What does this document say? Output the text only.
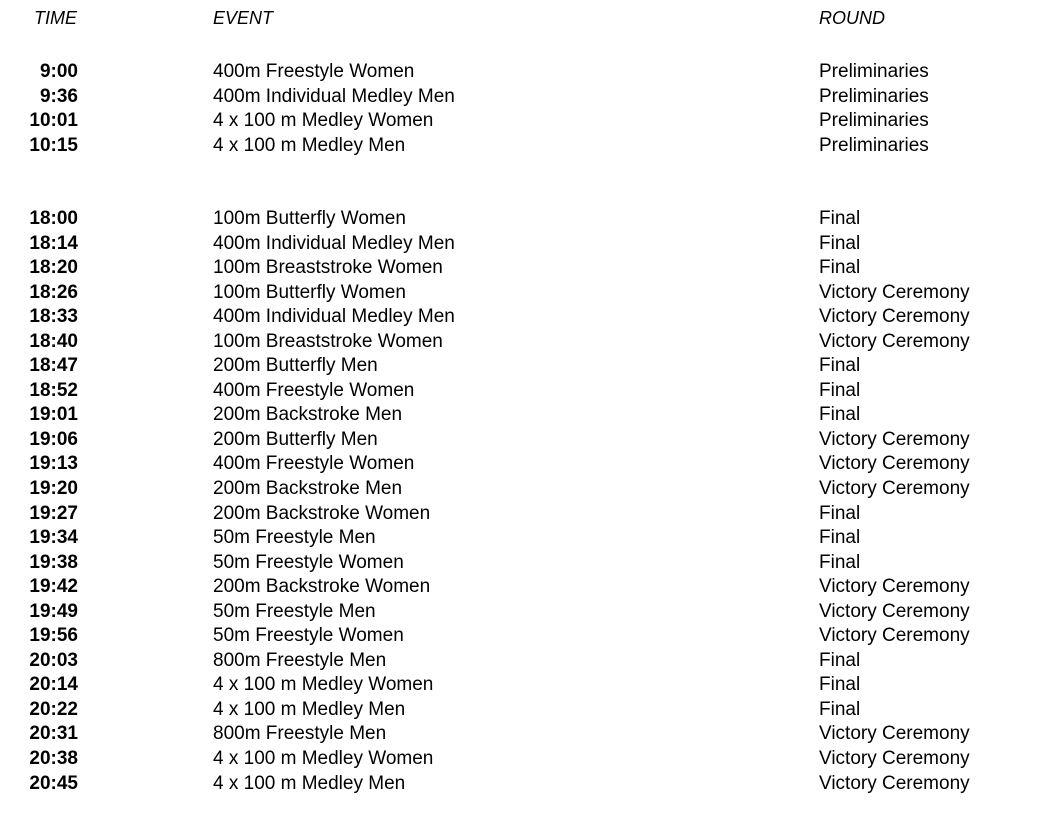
TIME	EVENT	ROUND
9:00	400m Freestyle Women	Preliminaries
9:36	400m Individual Medley Men	Preliminaries
10:01	4 x 100 m Medley Women	Preliminaries
10:15	4 x 100 m Medley Men	Preliminaries
18:00	100m Butterfly Women	Final
18:14	400m Individual Medley Men	Final
18:20	100m Breaststroke Women	Final
18:26	100m Butterfly Women	Victory Ceremony
18:33	400m Individual Medley Men	Victory Ceremony
18:40	100m Breaststroke Women	Victory Ceremony
18:47	200m Butterfly Men	Final
18:52	400m Freestyle Women	Final
19:01	200m Backstroke Men	Final
19:06	200m Butterfly Men	Victory Ceremony
19:13	400m Freestyle Women	Victory Ceremony
19:20	200m Backstroke Men	Victory Ceremony
19:27	200m Backstroke Women	Final
19:34	50m Freestyle Men	Final
19:38	50m Freestyle Women	Final
19:42	200m Backstroke Women	Victory Ceremony
19:49	50m Freestyle Men	Victory Ceremony
19:56	50m Freestyle Women	Victory Ceremony
20:03	800m Freestyle Men	Final
20:14	4 x 100 m Medley Women	Final
20:22	4 x 100 m Medley Men	Final
20:31	800m Freestyle Men	Victory Ceremony
20:38	4 x 100 m Medley Women	Victory Ceremony
20:45	4 x 100 m Medley Men	Victory Ceremony
